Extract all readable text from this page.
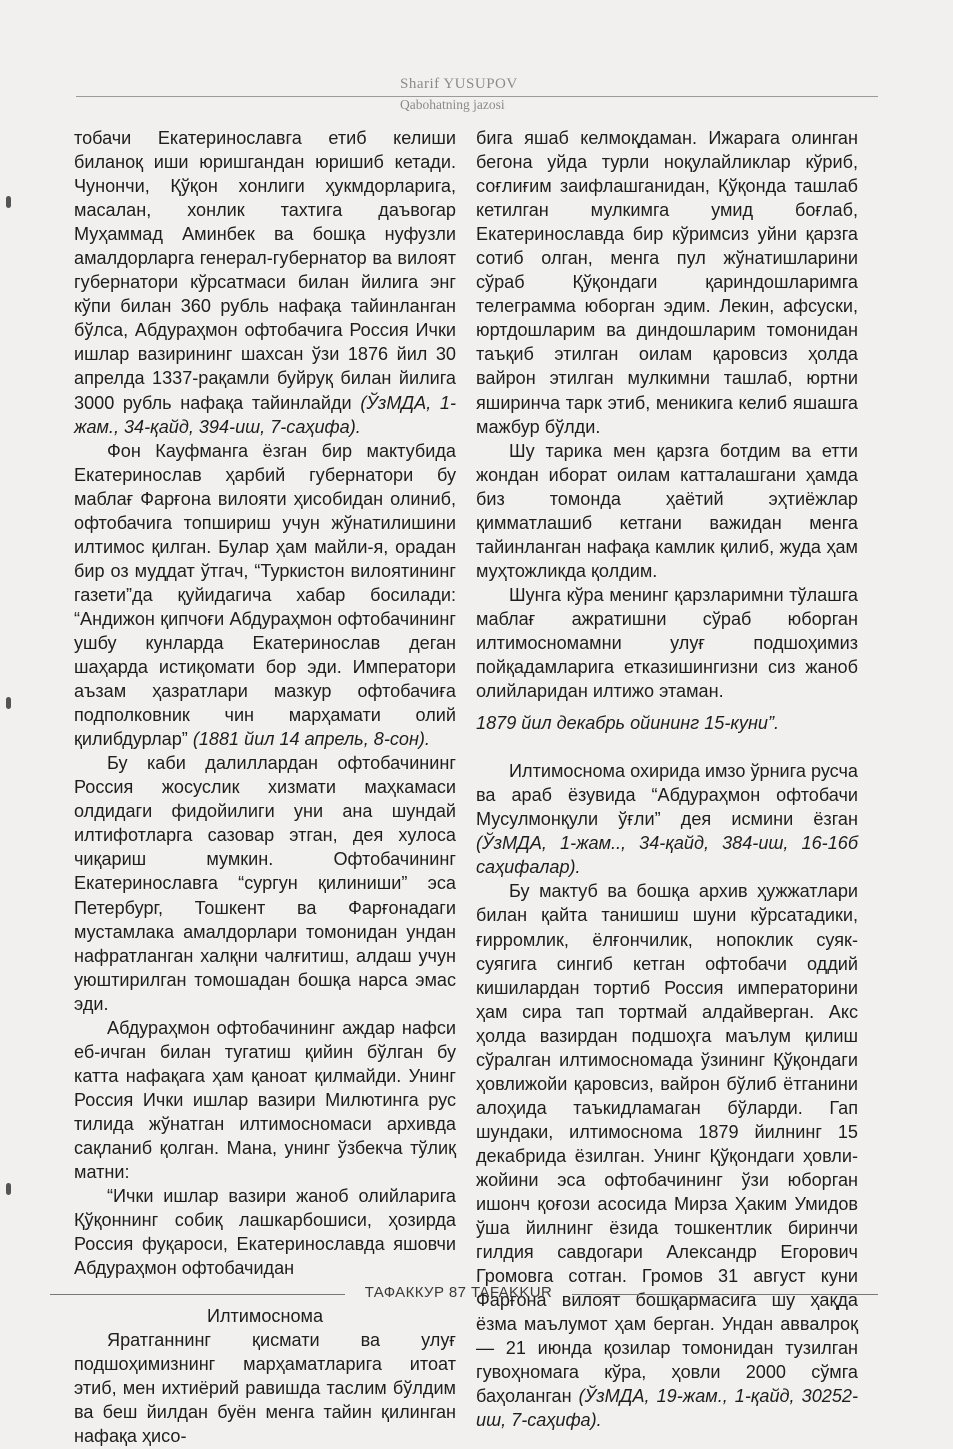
Sharif YUSUPOV
Qabohatning jazosi

тобачи Екатеринославга етиб келиши биланоқ иши юришгандан юришиб кетади. Чунончи, Қўқон хонлиги ҳукмдорларига, масалан, хонлик тахтига даъвогар Муҳаммад Аминбек ва бошқа нуфузли амалдорларга генерал-губернатор ва вилоят губернатори кўрсатмаси билан йилига энг кўпи билан 360 рубль нафақа тайинланган бўлса, Абдураҳмон офтобачига Россия Ички ишлар вазирининг шахсан ўзи 1876 йил 30 апрелда 1337-рақамли буйруқ билан йилига 3000 рубль нафақа тайинлайди (ЎзМДА, 1-жам., 34-қайд, 394-иш, 7-саҳифа).

Фон Кауфманга ёзган бир мактубида Екатеринослав ҳарбий губернатори бу маблағ Фарғона вилояти ҳисобидан олиниб, офтобачига топшириш учун жўнатилишини илтимос қилган. Булар ҳам майли-я, орадан бир оз муддат ўтгач, “Туркистон вилоятининг газети”да қуйидагича хабар босилади: “Андижон қипчоғи Абдураҳмон офтобачининг ушбу кунларда Екатеринослав деган шаҳарда истиқомати бор эди. Императори аъзам ҳазратлари мазкур офтобачиға подполковник чин марҳамати олий қилибдурлар” (1881 йил 14 апрель, 8-сон).

Бу каби далиллардан офтобачининг Россия жосуслик хизмати маҳкамаси олдидаги фидойилиги уни ана шундай илтифотларга сазовар этган, дея хулоса чиқариш мумкин. Офтобачининг Екатеринославга “сургун қилиниши” эса Петербург, Тошкент ва Фарғонадаги мустамлака амалдорлари томонидан ундан нафратланган халқни чалғитиш, алдаш учун уюштирилган томошадан бошқа нарса эмас эди.

Абдураҳмон офтобачининг аждар нафси еб-ичган билан тугатиш қийин бўлган бу катта нафақага ҳам қаноат қилмайди. Унинг Россия Ички ишлар вазири Милютинга рус тилида жўнатган илтимосномаси архивда сақланиб қолган. Мана, унинг ўзбекча тўлиқ матни:

“Ички ишлар вазири жаноб олийларига Қўқоннинг собиқ лашкарбошиси, ҳозирда Россия фуқароси, Екатеринославда яшовчи Абдураҳмон офтобачидан

Илтимоснома

Яратганнинг қисмати ва улуғ подшоҳимизнинг марҳаматларига итоат этиб, мен ихтиёрий равишда таслим бўлдим ва беш йилдан буён менга тайин қилинган нафақа ҳисо-

бига яшаб келмоқдаман. Ижарага олинган бегона уйда турли ноқулайликлар кўриб, соғлиғим заифлашганидан, Қўқонда ташлаб кетилган мулкимга умид боғлаб, Екатеринославда бир кўримсиз уйни қарзга сотиб олган, менга пул жўнатишларини сўраб Қўқондаги қариндошларимга телеграмма юборган эдим. Лекин, афсуски, юртдошларим ва диндошларим томонидан таъқиб этилган оилам қаровсиз ҳолда вайрон этилган мулкимни ташлаб, юртни яширинча тарк этиб, меникига келиб яшашга мажбур бўлди.

Шу тарика мен қарзга ботдим ва етти жондан иборат оилам катталашгани ҳамда биз томонда ҳаётий эҳтиёжлар қимматлашиб кетгани важидан менга тайинланган нафақа камлик қилиб, жуда ҳам муҳтожликда қолдим.

Шунга кўра менинг қарзларимни тўлашга маблағ ажратишни сўраб юборган илтимосномамни улуғ подшоҳимиз пойқадамларига етказишингизни сиз жаноб олийларидан илтижо этаман.

1879 йил декабрь ойининг 15-куни”.

Илтимоснома охирида имзо ўрнига русча ва араб ёзувида “Абдураҳмон офтобачи Мусулмонқули ўғли” дея исмини ёзган (ЎзМДА, 1-жам.., 34-қайд, 384-иш, 16-16б саҳифалар).

Бу мактуб ва бошқа архив ҳужжатлари билан қайта танишиш шуни кўрсатадики, ғирромлик, ёлғончилик, нопоклик суяк-суягига сингиб кетган офтобачи оддий кишилардан тортиб Россия императорини ҳам сира тап тортмай алдайверган. Акс ҳолда вазирдан подшоҳга маълум қилиш сўралган илтимосномада ўзининг Қўқондаги ҳовлижойи қаровсиз, вайрон бўлиб ётганини алоҳида таъкидламаган бўларди. Гап шундаки, илтимоснома 1879 йилнинг 15 декабрида ёзилган. Унинг Қўқондаги ҳовли-жойини эса офтобачининг ўзи юборган ишонч қоғози асосида Мирза Ҳаким Умидов ўша йилнинг ёзида тошкентлик биринчи гилдия савдогари Александр Егорович Громовга сотган. Громов 31 август куни Фарғона вилоят бошқармасига шу ҳақда ёзма маълумот ҳам берган. Ундан аввалроқ — 21 июнда қозилар томонидан тузилган гувоҳномага кўра, ҳовли 2000 сўмга баҳоланган (ЎзМДА, 19-жам., 1-қайд, 30252-иш, 7-саҳифа).

ТАФАККУР 87 TAFAKKUR
